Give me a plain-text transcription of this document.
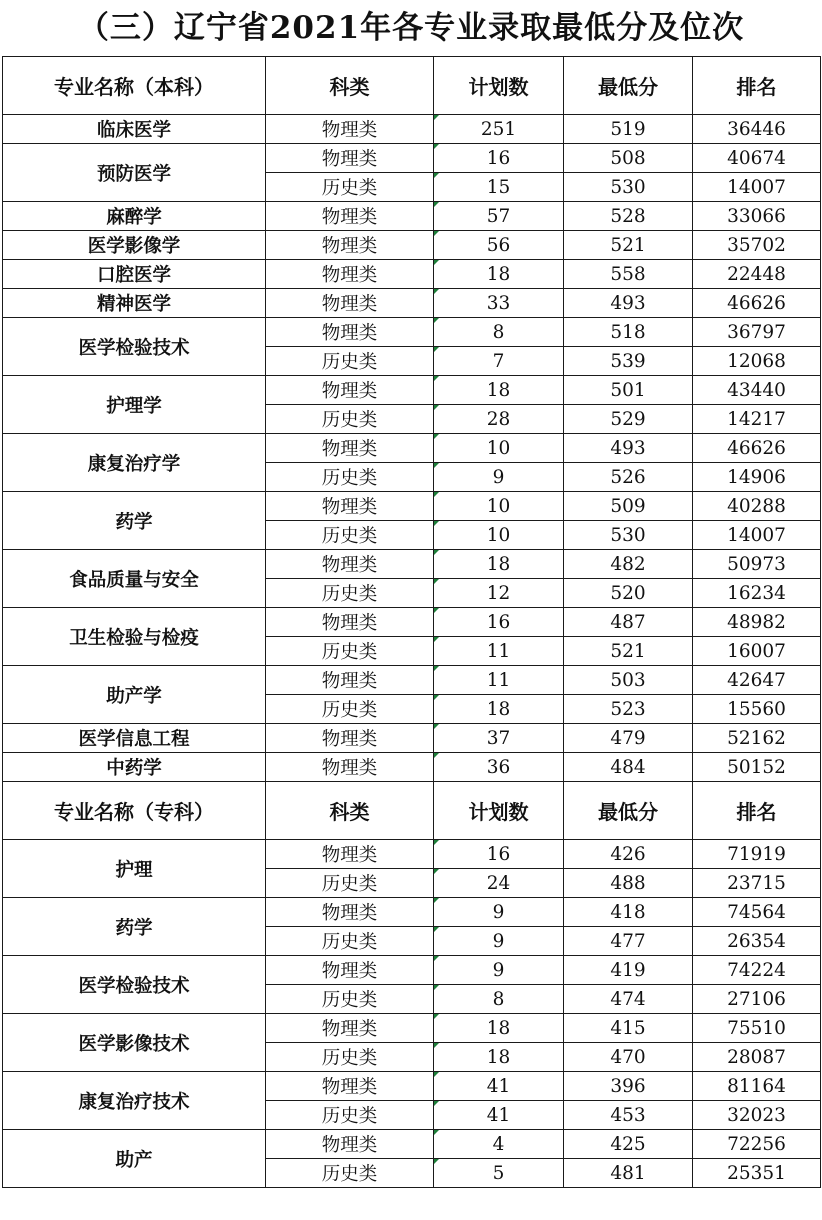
（三）辽宁省2021年各专业录取最低分及位次
专业名称（本科）	科类	计划数	最低分	排名
临床医学	物理类	251	519	36446
预防医学	物理类	16	508	40674
	历史类	15	530	14007
麻醉学	物理类	57	528	33066
医学影像学	物理类	56	521	35702
口腔医学	物理类	18	558	22448
精神医学	物理类	33	493	46626
医学检验技术	物理类	8	518	36797
	历史类	7	539	12068
护理学	物理类	18	501	43440
	历史类	28	529	14217
康复治疗学	物理类	10	493	46626
	历史类	9	526	14906
药学	物理类	10	509	40288
	历史类	10	530	14007
食品质量与安全	物理类	18	482	50973
	历史类	12	520	16234
卫生检验与检疫	物理类	16	487	48982
	历史类	11	521	16007
助产学	物理类	11	503	42647
	历史类	18	523	15560
医学信息工程	物理类	37	479	52162
中药学	物理类	36	484	50152
专业名称（专科）	科类	计划数	最低分	排名
护理	物理类	16	426	71919
	历史类	24	488	23715
药学	物理类	9	418	74564
	历史类	9	477	26354
医学检验技术	物理类	9	419	74224
	历史类	8	474	27106
医学影像技术	物理类	18	415	75510
	历史类	18	470	28087
康复治疗技术	物理类	41	396	81164
	历史类	41	453	32023
助产	物理类	4	425	72256
	历史类	5	481	25351
